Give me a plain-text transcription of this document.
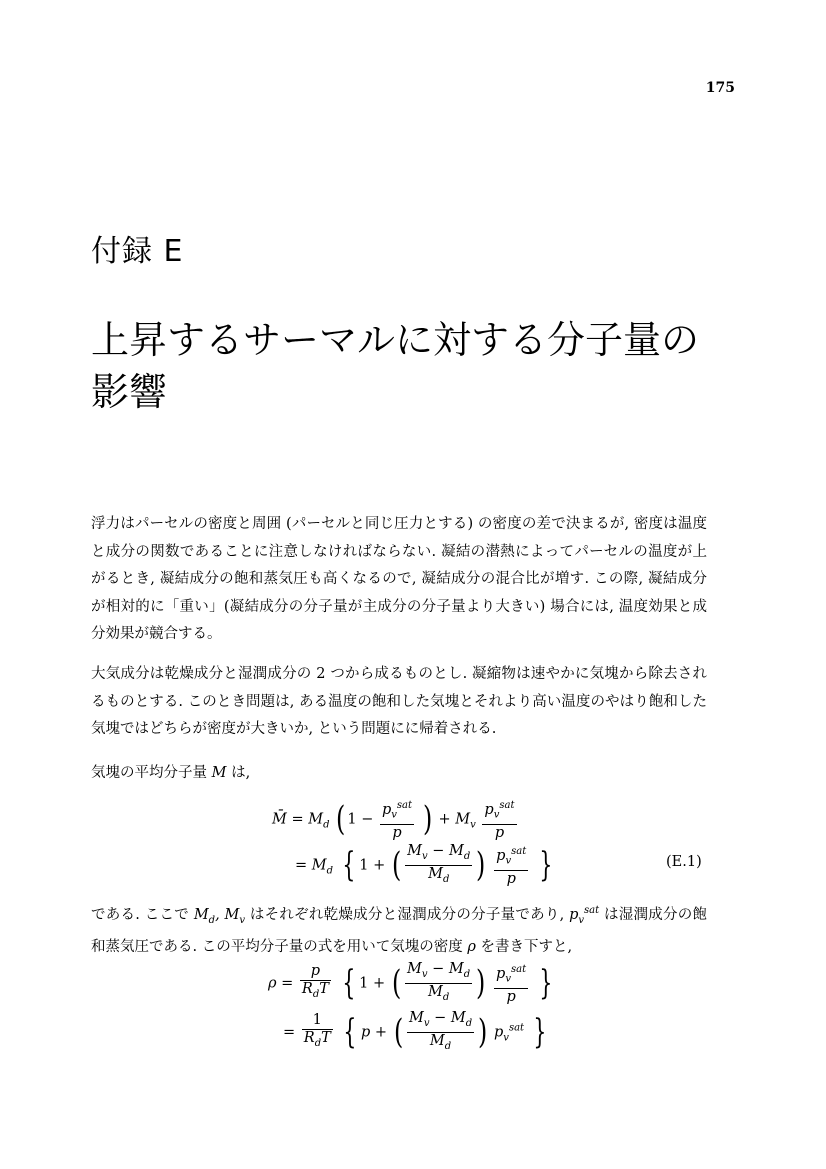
175
付録 E
上昇するサーマルに対する分子量の影響

浮力はパーセルの密度と周囲 (パーセルと同じ圧力とする) の密度の差で決まるが, 密度は温度と成分の関数であることに注意しなければならない. 凝結の潜熱によってパーセルの温度が上がるとき, 凝結成分の飽和蒸気圧も高くなるので, 凝結成分の混合比が増す. この際, 凝結成分が相対的に「重い」(凝結成分の分子量が主成分の分子量より大きい) 場合には, 温度効果と成分効果が競合する。

大気成分は乾燥成分と湿潤成分の 2 つから成るものとし. 凝縮物は速やかに気塊から除去されるものとする. このとき問題は, ある温度の飽和した気塊とそれより高い温度のやはり飽和した気塊ではどちらが密度が大きいか, という問題にに帰着される.

気塊の平均分子量 M は,

M̄ = $M_d$ ( $1 - \frac{p_v^{sat}}{p}$ ) + $M_v \frac{p_v^{sat}}{p}$
= $M_d$ { 1 + ( $\frac{M_v - M_d}{M_d}$ ) $\frac{p_v^{sat}}{p}$ }	(E.1)

である. ここで $M_d$, $M_v$ はそれぞれ乾燥成分と湿潤成分の分子量であり, $p_v^{sat}$ は湿潤成分の飽和蒸気圧である. この平均分子量の式を用いて気塊の密度 ρ を書き下すと,

$\rho = \frac{p}{R_dT}$ { 1 + ( $\frac{M_v - M_d}{M_d}$ ) $\frac{p_v^{sat}}{p}$ }
= $\frac{1}{R_dT}$ { p + ( $\frac{M_v - M_d}{M_d}$ ) $p_v^{sat}$ }
